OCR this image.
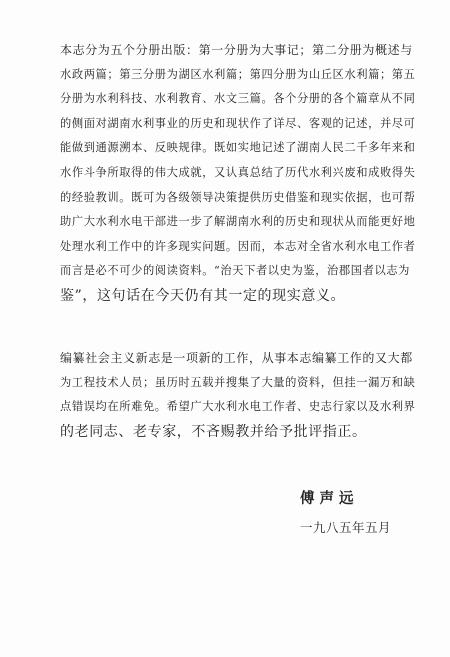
本志分为五个分册出版：第一分册为大事记；第二分册为概述与
水政两篇；第三分册为湖区水利篇；第四分册为山丘区水利篇；第五
分册为水利科技、水利教育、水文三篇。各个分册的各个篇章从不同
的侧面对湖南水利事业的历史和现状作了详尽、客观的记述，并尽可
能做到通源溯本、反映规律。既如实地记述了湖南人民二千多年来和
水作斗争所取得的伟大成就，又认真总结了历代水利兴废和成败得失
的经验教训。既可为各级领导决策提供历史借鉴和现实依据，也可帮
助广大水利水电干部进一步了解湖南水利的历史和现状从而能更好地
处理水利工作中的许多现实问题。因而，本志对全省水利水电工作者
而言是必不可少的阅读资料。“治天下者以史为鉴，治郡国者以志为
鉴”，这句话在今天仍有其一定的现实意义。
编纂社会主义新志是一项新的工作，从事本志编纂工作的又大都
为工程技术人员；虽历时五载并搜集了大量的资料，但挂一漏万和缺
点错误均在所难免。希望广大水利水电工作者、史志行家以及水利界
的老同志、老专家，不吝赐教并给予批评指正。
傅声远
一九八五年五月
